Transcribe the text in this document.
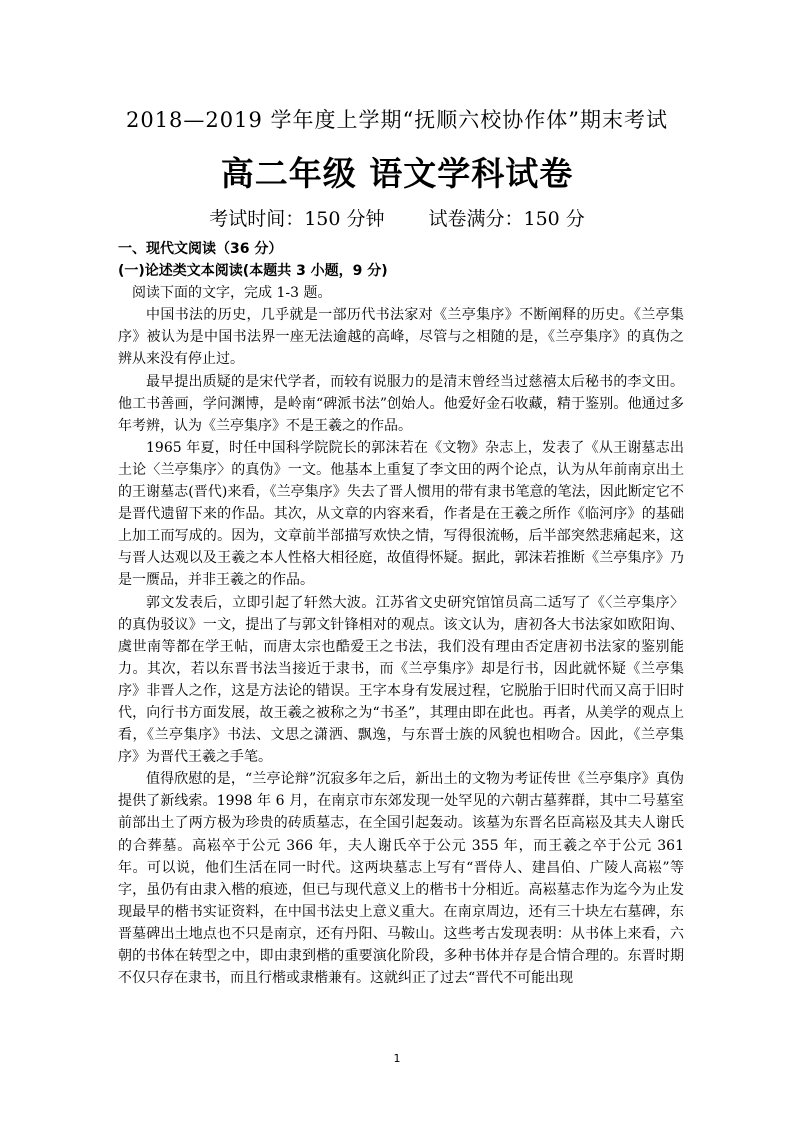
2018—2019 学年度上学期“抚顺六校协作体”期末考试
高二年级 语文学科试卷
考试时间：150 分钟 试卷满分：150 分
一、现代文阅读（36 分）
(一)论述类文本阅读(本题共 3 小题，9 分)
阅读下面的文字，完成 1-3 题。

中国书法的历史，几乎就是一部历代书法家对《兰亭集序》不断阐释的历史。《兰亭集序》被认为是中国书法界一座无法逾越的高峰，尽管与之相随的是，《兰亭集序》的真伪之辨从来没有停止过。

最早提出质疑的是宋代学者，而较有说服力的是清末曾经当过慈禧太后秘书的李文田。他工书善画，学问渊博，是岭南“碑派书法”创始人。他爱好金石收藏，精于鉴别。他通过多年考辨，认为《兰亭集序》不是王羲之的作品。

1965 年夏，时任中国科学院院长的郭沫若在《文物》杂志上，发表了《从王谢墓志出土论〈兰亭集序〉的真伪》一文。他基本上重复了李文田的两个论点，认为从年前南京出土的王谢墓志(晋代)来看，《兰亭集序》失去了晋人惯用的带有隶书笔意的笔法，因此断定它不是晋代遗留下来的作品。其次，从文章的内容来看，作者是在王羲之所作《临河序》的基础上加工而写成的。因为，文章前半部描写欢快之情，写得很流畅，后半部突然悲痛起来，这与晋人达观以及王羲之本人性格大相径庭，故值得怀疑。据此，郭沫若推断《兰亭集序》乃是一赝品，并非王羲之的作品。

郭文发表后，立即引起了轩然大波。江苏省文史研究馆馆员高二适写了《〈兰亭集序〉的真伪驳议》一文，提出了与郭文针锋相对的观点。该文认为，唐初各大书法家如欧阳询、虞世南等都在学王帖，而唐太宗也酷爱王之书法，我们没有理由否定唐初书法家的鉴别能力。其次，若以东晋书法当接近于隶书，而《兰亭集序》却是行书，因此就怀疑《兰亭集序》非晋人之作，这是方法论的错误。王字本身有发展过程，它脱胎于旧时代而又高于旧时代，向行书方面发展，故王羲之被称之为“书圣”，其理由即在此也。再者，从美学的观点上看，《兰亭集序》书法、文思之潇洒、飘逸，与东晋士族的风貌也相吻合。因此，《兰亭集序》为晋代王羲之手笔。

值得欣慰的是，“兰亭论辩”沉寂多年之后，新出土的文物为考证传世《兰亭集序》真伪提供了新线索。1998 年 6 月，在南京市东郊发现一处罕见的六朝古墓葬群，其中二号墓室前部出土了两方极为珍贵的砖质墓志，在全国引起轰动。该墓为东晋名臣高崧及其夫人谢氏的合葬墓。高崧卒于公元 366 年，夫人谢氏卒于公元 355 年，而王羲之卒于公元 361 年。可以说，他们生活在同一时代。这两块墓志上写有“晋侍人、建昌伯、广陵人高崧”等字，虽仍有由隶入楷的痕迹，但已与现代意义上的楷书十分相近。高崧墓志作为迄今为止发现最早的楷书实证资料，在中国书法史上意义重大。在南京周边，还有三十块左右墓碑，东晋墓碑出土地点也不只是南京，还有丹阳、马鞍山。这些考古发现表明：从书体上来看，六朝的书体在转型之中，即由隶到楷的重要演化阶段，多种书体并存是合情合理的。东晋时期不仅只存在隶书，而且行楷或隶楷兼有。这就纠正了过去“晋代不可能出现

1
